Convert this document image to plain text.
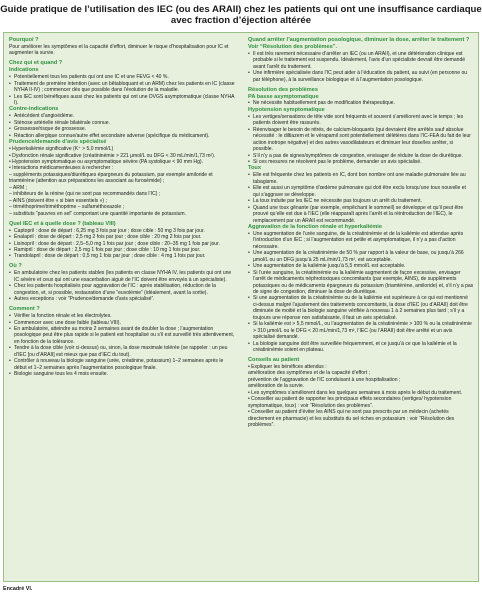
Guide pratique de l’utilisation des IEC (ou des ARAII) chez les patients qui ont une insuffisance cardiaque
avec fraction d’éjection altérée
Pourquoi ?
Pour améliorer les symptômes et la capacité d’effort, diminuer le risque d’hospitalisation pour IC et augmenter la survie.
Chez qui et quand ?
Indications
• Potentiellement tous les patients qui ont une IC et une FEVG < 40 %.
• Traitement de première intention (avec un bêtabloquant et un ARM) chez les patients en IC (classe NYHA II-IV) ; commencer dès que possible dans l’évolution de la maladie.
• Les IEC sont bénéfiques aussi chez les patients qui ont une DVGS asymptomatique (classe NYHA I).
Contre-indications
• Antécédent d’angioédème.
• Sténose artérielle rénale bilatérale connue.
• Grossesse/risque de grossesse.
• Réaction allergique connue/autre effet secondaire adverse (spécifique du médicament).
Prudence/demande d’avis spécialisé
• Hyperkaliémie significative (K⁺ > 5,0 mmol/L)
• Dysfonction rénale significative (créatininémie > 221 µmol/L ou DFG < 30 mL/min/1,73 m²).
• Hypotension symptomatique ou asymptomatique sévère (PA systolique < 90 mm Hg).
• Interactions médicamenteuses à rechercher :
– suppléments potassiques/diurétiques épargneurs du potassium, par exemple amiloride et triamtérène (attention aux préparations les associant au furosémide) ;
– ARM ;
– inhibiteurs de la rénine (qui ne sont pas recommandés dans l’IC) ;
– AINS (doivent être « si bien essentiels ») ;
– triméthoprime/triméthoprime – sulfaméthoxazole ;
– substituts “pauvres en sel” comportant une quantité importante de potassium.
Quel IEC et à quelle dose ? (tableau VIII)
• Captopril : dose de départ : 6,25 mg 3 fois par jour ; dose cible : 50 mg 3 fois par jour.
• Énalapril : dose de départ : 2,5 mg 2 fois par jour ; dose cible : 20 mg 2 fois par jour.
• Lisinopril : dose de départ : 2,5–5,0 mg 1 fois par jour ; dose cible : 20–35 mg 1 fois par jour.
• Ramipril : dose de départ : 2,5 mg 1 fois par jour ; dose cible : 10 mg 1 fois par jour.
• Trandolapril : dose de départ : 0,5 mg 1 fois par jour ; dose cible : 4 mg 1 fois par jour.
Où ?
• En ambulatoire chez les patients stables (les patients en classe NYHA IV, les patients qui ont une IC sévère et ceux qui ont une exacerbation aiguë de l’IC doivent être envoyés à un spécialiste).
• Chez les patients hospitalisés pour aggravation de l’IC : après stabilisation, réduction de la congestion, et, si possible, restauration d’une “euvolémie” (idéalement, avant la sortie).
• Autres exceptions : voir “Prudence/demande d’avis spécialisé”.
Comment ?
• Vérifier la fonction rénale et les électrolytes.
• Commencer avec une dose faible (tableau VIII).
• En ambulatoire, atteindre au moins 2 semaines avant de doubler la dose ; l’augmentation posologique peut être plus rapide si le patient est hospitalisé ou s’il est surveillé très attentivement, en fonction de la tolérance.
• Tendre à la dose cible (voir ci-dessus) ou, sinon, la dose maximale tolérée (se rappeler : un peu d’IEC [ou d’ARAII] est mieux que pas d’IEC du tout).
• Contrôler à nouveau la biologie sanguine (urée, créatinine, potassium) 1–2 semaines après le début et 1–2 semaines après l’augmentation posologique finale.
• Biologie sanguine tous les 4 mois ensuite.
Quand arrêter l’augmentation posologique, diminuer la dose, arrêter le traitement ? Voir “Résolution des problèmes”.
• Il est très rarement nécessaire d’arrêter un IEC (ou un ARAII), et une détérioration clinique est probable si le traitement est suspendu. Idéalement, l’avis d’un spécialiste devrait être demandé avant l’arrêt du traitement.
• Une infirmière spécialisée dans l’IC peut aider à l’éducation du patient, au suivi (en personne ou par téléphone), à la surveillance biologique et à l’augmentation posologique.
Résolution des problèmes
PA basse asymptomatique
• Ne nécessite habituellement pas de modification thérapeutique.
Hypotension symptomatique
• Les vertiges/sensations de tête vide sont fréquents et souvent s’améliorent avec le temps ; les patients doivent être rassurés.
• Réenvisager le besoin de nitrés, de calcium-bloquants (qui devraient être arrêtés sauf absolue nécessité : le diltiazem et le vérapamil sont potentiellement délétères dans l’IC-FEA du fait de leur action inotrope négative) et des autres vasodilatateurs et diminuer leur dose/les arrêter, si possible.
• S’il n’y a pas de signes/symptômes de congestion, envisager de réduire la dose de diurétique.
• Si ces mesures ne résolvent pas le problème, demander un avis spécialisé.
Toux
• Elle est fréquente chez les patients en IC, dont bon nombre ont une maladie pulmonaire liée au tabagisme.
• Elle est aussi un symptôme d’œdème pulmonaire qui doit être exclu lorsqu’une toux nouvelle et qui s’aggrave se développe.
• La toux induite par les IEC ne nécessite pas toujours un arrêt du traitement.
• Quand une toux gênante (par exemple, empêchant le sommeil) se développe et qu’il peut être prouvé qu’elle est due à l’IEC (elle réapparaît après l’arrêt et la réintroduction de l’IEC), le remplacement par un ARAII est recommandé.
Aggravation de la fonction rénale et hyperkaliémie
• Une augmentation de l’urée sanguine, de la créatininémie et de la kaliémie est attendue après l’introduction d’un IEC ; si l’augmentation est petite et asymptomatique, il n’y a pas d’action nécessaire.
• Une augmentation de la créatininémie de 50 % par rapport à la valeur de base, ou jusqu’à 266 µmol/L ou un DFG jusqu’à 25 mL/min/1,73 m², est acceptable.
• Une augmentation de la kaliémie jusqu’à 5,5 mmol/L est acceptable.
• Si l’urée sanguine, la créatininémie ou la kaliémie augmentent de façon excessive, envisager l’arrêt de médicaments néphrotoxiques concomitants (par exemple, AINS), de suppléments potassiques ou de médicaments épargneurs du potassium (triamtérène, amiloride) et, s’il n’y a pas de signe de congestion, diminuer la dose de diurétique.
• Si une augmentation de la créatininémie ou de la kaliémie est supérieure à ce qui est mentionné ci-dessus malgré l’ajustement des traitements concomitants, la dose d’IEC (ou d’ARAII) doit être diminuée de moitié et la biologie sanguine vérifiée à nouveau 1 à 2 semaines plus tard ; s’il y a toujours une réponse non satisfaisante, il faut un avis spécialisé.
• Si la kaliémie est > 5,5 mmol/L, ou l’augmentation de la créatininémie > 100 % ou la créatininémie > 310 µmol/L ou le DFG < 20 mL/min/1,73 m², l’IEC (ou l’ARAII) doit être arrêté et un avis spécialisé demandé.
• La biologie sanguine doit être surveillée fréquemment, et ce jusqu’à ce que la kaliémie et la créatininémie soient en plateau.
Conseils au patient
• Expliquer les bénéfices attendus :
amélioration des symptômes et de la capacité d’effort ;
prévention de l’aggravation de l’IC conduisant à une hospitalisation ;
amélioration de la survie.
• Les symptômes s’améliorent dans les quelques semaines à mois après le début du traitement.
• Conseiller au patient de rapporter les principaux effets secondaires (vertiges/ hypotension symptomatique, toux) : voir “Résolution des problèmes”.
• Conseiller au patient d’éviter les AINS qui ne sont pas prescrits par un médecin (achetés directement en pharmacie) et les substituts du sel riches en potassium : voir “Résolution des problèmes”.
Encadré VI.
